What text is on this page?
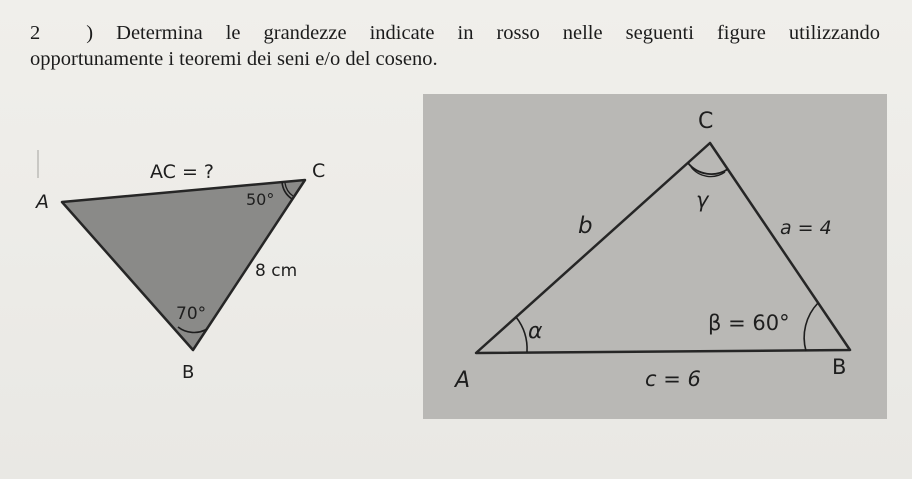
2 ) Determina le grandezze indicate in rosso nelle seguenti figure utilizzando
opportunamente i teoremi dei seni e/o del coseno.
A
C
B
AC = ?
50°
8 cm
70°
C
A
B
b	a = 4
c = 6
α	β = 60°
γ
